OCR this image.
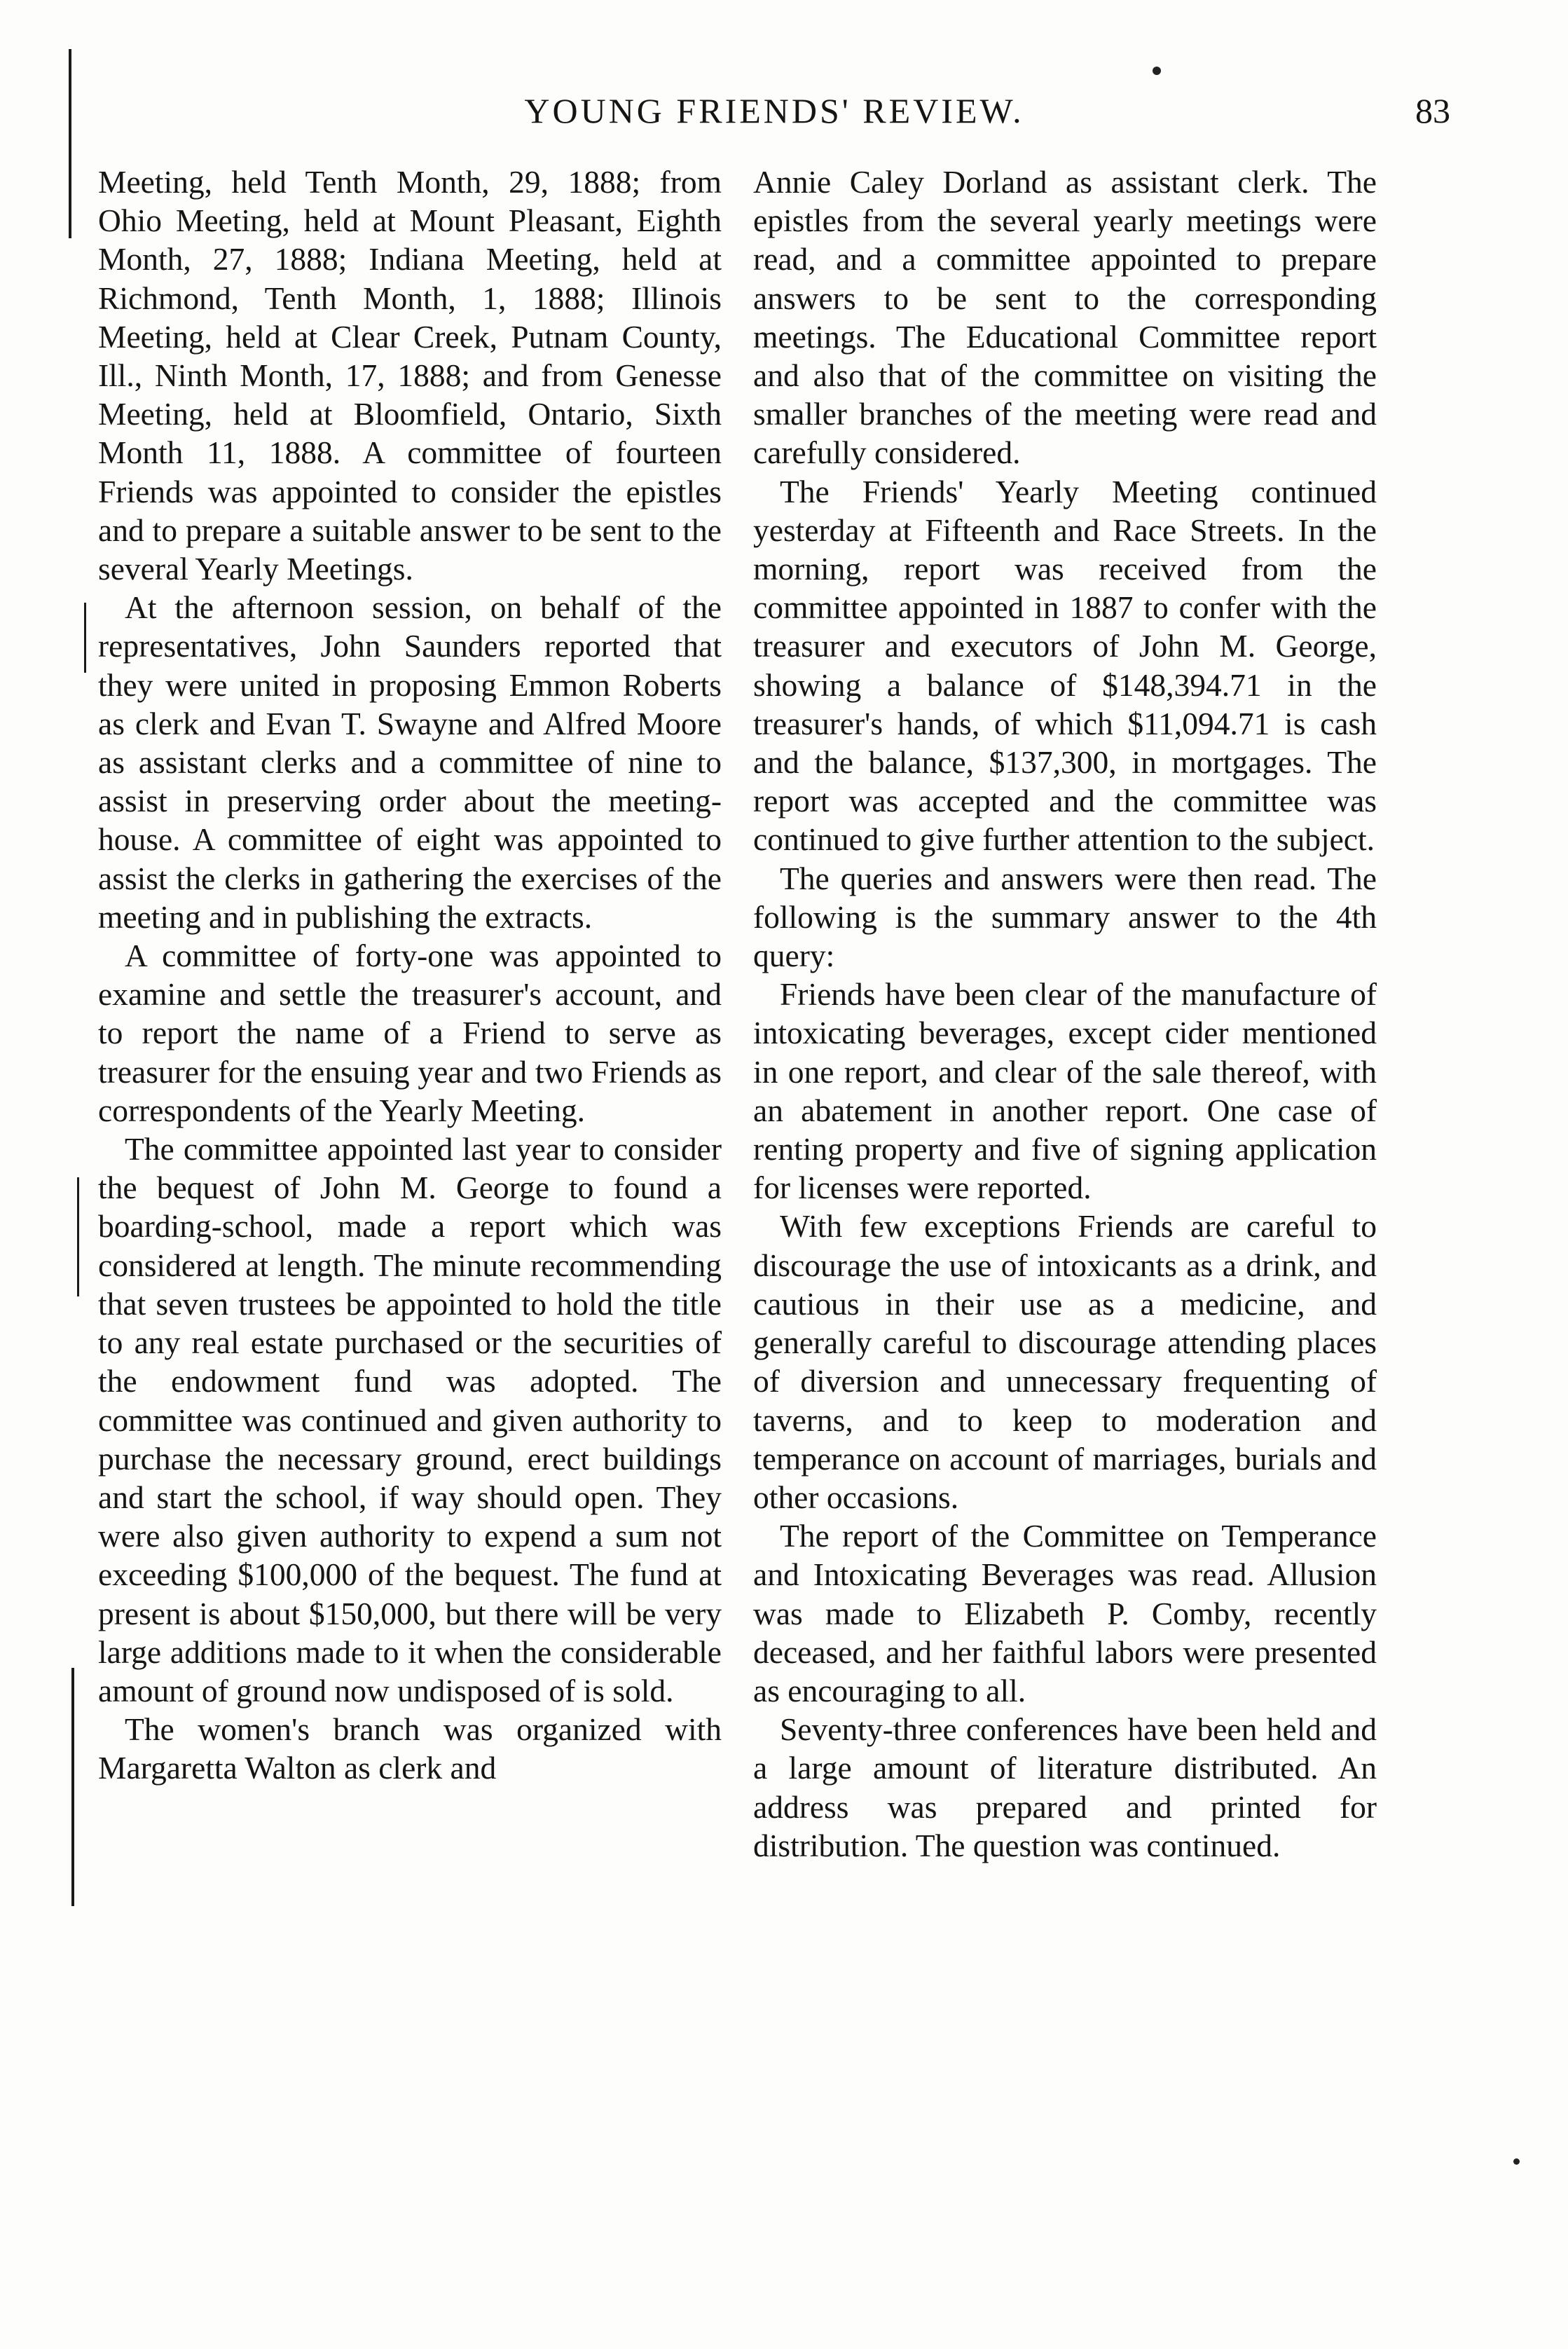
YOUNG FRIENDS' REVIEW.	83

Meeting, held Tenth Month, 29, 1888; from Ohio Meeting, held at Mount Pleasant, Eighth Month, 27, 1888; Indiana Meeting, held at Richmond, Tenth Month, 1, 1888; Illinois Meeting, held at Clear Creek, Putnam County, Ill., Ninth Month, 17, 1888; and from Genesse Meeting, held at Bloomfield, Ontario, Sixth Month 11, 1888. A committee of fourteen Friends was appointed to consider the epistles and to prepare a suitable answer to be sent to the several Yearly Meetings.

At the afternoon session, on behalf of the representatives, John Saunders reported that they were united in proposing Emmon Roberts as clerk and Evan T. Swayne and Alfred Moore as assistant clerks and a committee of nine to assist in preserving order about the meeting-house. A committee of eight was appointed to assist the clerks in gathering the exercises of the meeting and in publishing the extracts.

A committee of forty-one was appointed to examine and settle the treasurer's account, and to report the name of a Friend to serve as treasurer for the ensuing year and two Friends as correspondents of the Yearly Meeting.

The committee appointed last year to consider the bequest of John M. George to found a boarding-school, made a report which was considered at length. The minute recommending that seven trustees be appointed to hold the title to any real estate purchased or the securities of the endowment fund was adopted. The committee was continued and given authority to purchase the necessary ground, erect buildings and start the school, if way should open. They were also given authority to expend a sum not exceeding $100,000 of the bequest. The fund at present is about $150,000, but there will be very large additions made to it when the considerable amount of ground now undisposed of is sold.

The women's branch was organized with Margaretta Walton as clerk and

Annie Caley Dorland as assistant clerk. The epistles from the several yearly meetings were read, and a committee appointed to prepare answers to be sent to the corresponding meetings. The Educational Committee report and also that of the committee on visiting the smaller branches of the meeting were read and carefully considered.

The Friends' Yearly Meeting continued yesterday at Fifteenth and Race Streets. In the morning, report was received from the committee appointed in 1887 to confer with the treasurer and executors of John M. George, showing a balance of $148,394.71 in the treasurer's hands, of which $11,094.71 is cash and the balance, $137,300, in mortgages. The report was accepted and the committee was continued to give further attention to the subject.

The queries and answers were then read. The following is the summary answer to the 4th query:

Friends have been clear of the manufacture of intoxicating beverages, except cider mentioned in one report, and clear of the sale thereof, with an abatement in another report. One case of renting property and five of signing application for licenses were reported.

With few exceptions Friends are careful to discourage the use of intoxicants as a drink, and cautious in their use as a medicine, and generally careful to discourage attending places of diversion and unnecessary frequenting of taverns, and to keep to moderation and temperance on account of marriages, burials and other occasions.

The report of the Committee on Temperance and Intoxicating Beverages was read. Allusion was made to Elizabeth P. Comby, recently deceased, and her faithful labors were presented as encouraging to all.

Seventy-three conferences have been held and a large amount of literature distributed. An address was prepared and printed for distribution. The question was continued.
